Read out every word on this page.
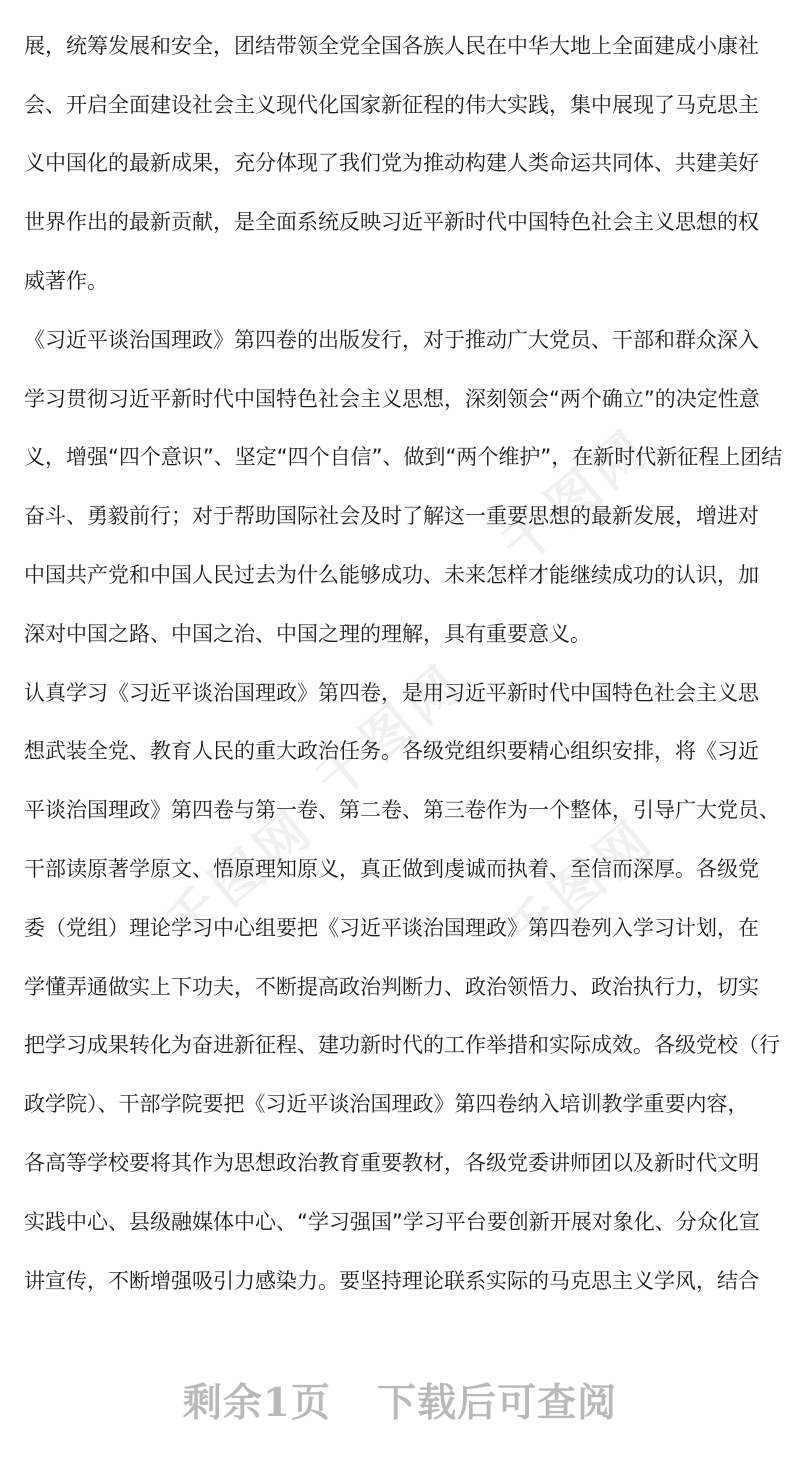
千图网
千图网
千图网	千图网
展，统筹发展和安全，团结带领全党全国各族人民在中华大地上全面建成小康社
会、开启全面建设社会主义现代化国家新征程的伟大实践，集中展现了马克思主
义中国化的最新成果，充分体现了我们党为推动构建人类命运共同体、共建美好
世界作出的最新贡献，是全面系统反映习近平新时代中国特色社会主义思想的权
威著作。
《习近平谈治国理政》第四卷的出版发行，对于推动广大党员、干部和群众深入
学习贯彻习近平新时代中国特色社会主义思想，深刻领会“两个确立”的决定性意
义，增强“四个意识”、坚定“四个自信”、做到“两个维护”，在新时代新征程上团结
奋斗、勇毅前行；对于帮助国际社会及时了解这一重要思想的最新发展，增进对
中国共产党和中国人民过去为什么能够成功、未来怎样才能继续成功的认识，加
深对中国之路、中国之治、中国之理的理解，具有重要意义。
认真学习《习近平谈治国理政》第四卷，是用习近平新时代中国特色社会主义思
想武装全党、教育人民的重大政治任务。各级党组织要精心组织安排，将《习近
平谈治国理政》第四卷与第一卷、第二卷、第三卷作为一个整体，引导广大党员、
干部读原著学原文、悟原理知原义，真正做到虔诚而执着、至信而深厚。各级党
委（党组）理论学习中心组要把《习近平谈治国理政》第四卷列入学习计划，在
学懂弄通做实上下功夫，不断提高政治判断力、政治领悟力、政治执行力，切实
把学习成果转化为奋进新征程、建功新时代的工作举措和实际成效。各级党校（行
政学院）、干部学院要把《习近平谈治国理政》第四卷纳入培训教学重要内容，
各高等学校要将其作为思想政治教育重要教材，各级党委讲师团以及新时代文明
实践中心、县级融媒体中心、“学习强国”学习平台要创新开展对象化、分众化宣
讲宣传，不断增强吸引力感染力。要坚持理论联系实际的马克思主义学风，结合
剩余1页 下载后可查阅
